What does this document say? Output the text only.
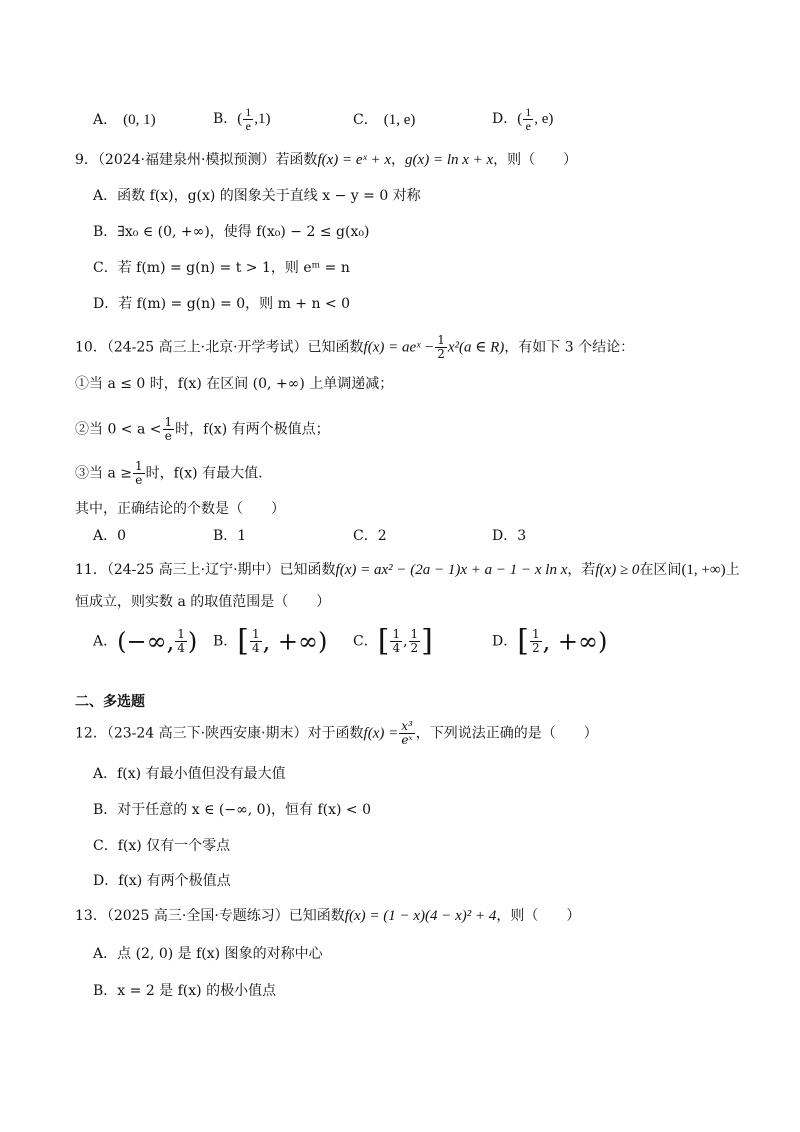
A． (0, 1)	B．( $\frac{1}{e} ,1$)	C． (1, e)	D．( $\frac{1}{e}$ , e)
9．（2024·福建泉州·模拟预测）若函数f(x) = eˣ + x，g(x) = ln x + x，则（　　）
A．函数 f(x)，g(x) 的图象关于直线 x − y = 0 对称
B．∃x₀ ∈ (0, +∞)，使得 f(x₀) − 2 ≤ g(x₀)
C．若 f(m) = g(n) = t > 1，则 eᵐ = n
D．若 f(m) = g(n) = 0，则 m + n < 0
10．（24-25 高三上·北京·开学考试）已知函数f(x) = aeˣ − $\frac{1}{2} x^2(a$ ∈ R)，有如下 3 个结论：
①当 a ≤ 0 时，f(x) 在区间 (0, +∞) 上单调递减；
②当 $0 < a < \frac{1}{e}$ 时，f(x) 有两个极值点；
③当 $a \ge \frac{1}{e}$ 时，f(x) 有最大值.
其中，正确结论的个数是（　　）
A．0	B．1	C．2	D．3
11．（24-25 高三上·辽宁·期中）已知函数f(x) = ax² − (2a − 1)x + a − 1 − x ln x，若f(x) ≥ 0在区间(1, +∞)上
恒成立，则实数 a 的取值范围是（　　）
A．(−∞, $\frac{1}{4}$ ) B．[ $\frac{1}{4}$ , +∞) C．[ $\frac{1}{4}$ , $\frac{1}{2}$ ]	D．[ $\frac{1}{2}$ , +∞)
二、多选题
12．（23-24 高三下·陕西安康·期末）对于函数$f(x) = \frac{\text{x³}}{\text{eˣ}}$ ，下列说法正确的是（　　）
A．f(x) 有最小值但没有最大值
B．对于任意的 x ∈ (−∞, 0)，恒有 f(x) < 0
C．f(x) 仅有一个零点
D．f(x) 有两个极值点
13．（2025 高三·全国·专题练习）已知函数f(x) = (1 − x)(4 − x)² + 4，则（　　）
A．点 (2, 0) 是 f(x) 图象的对称中心
B．x = 2 是 f(x) 的极小值点
